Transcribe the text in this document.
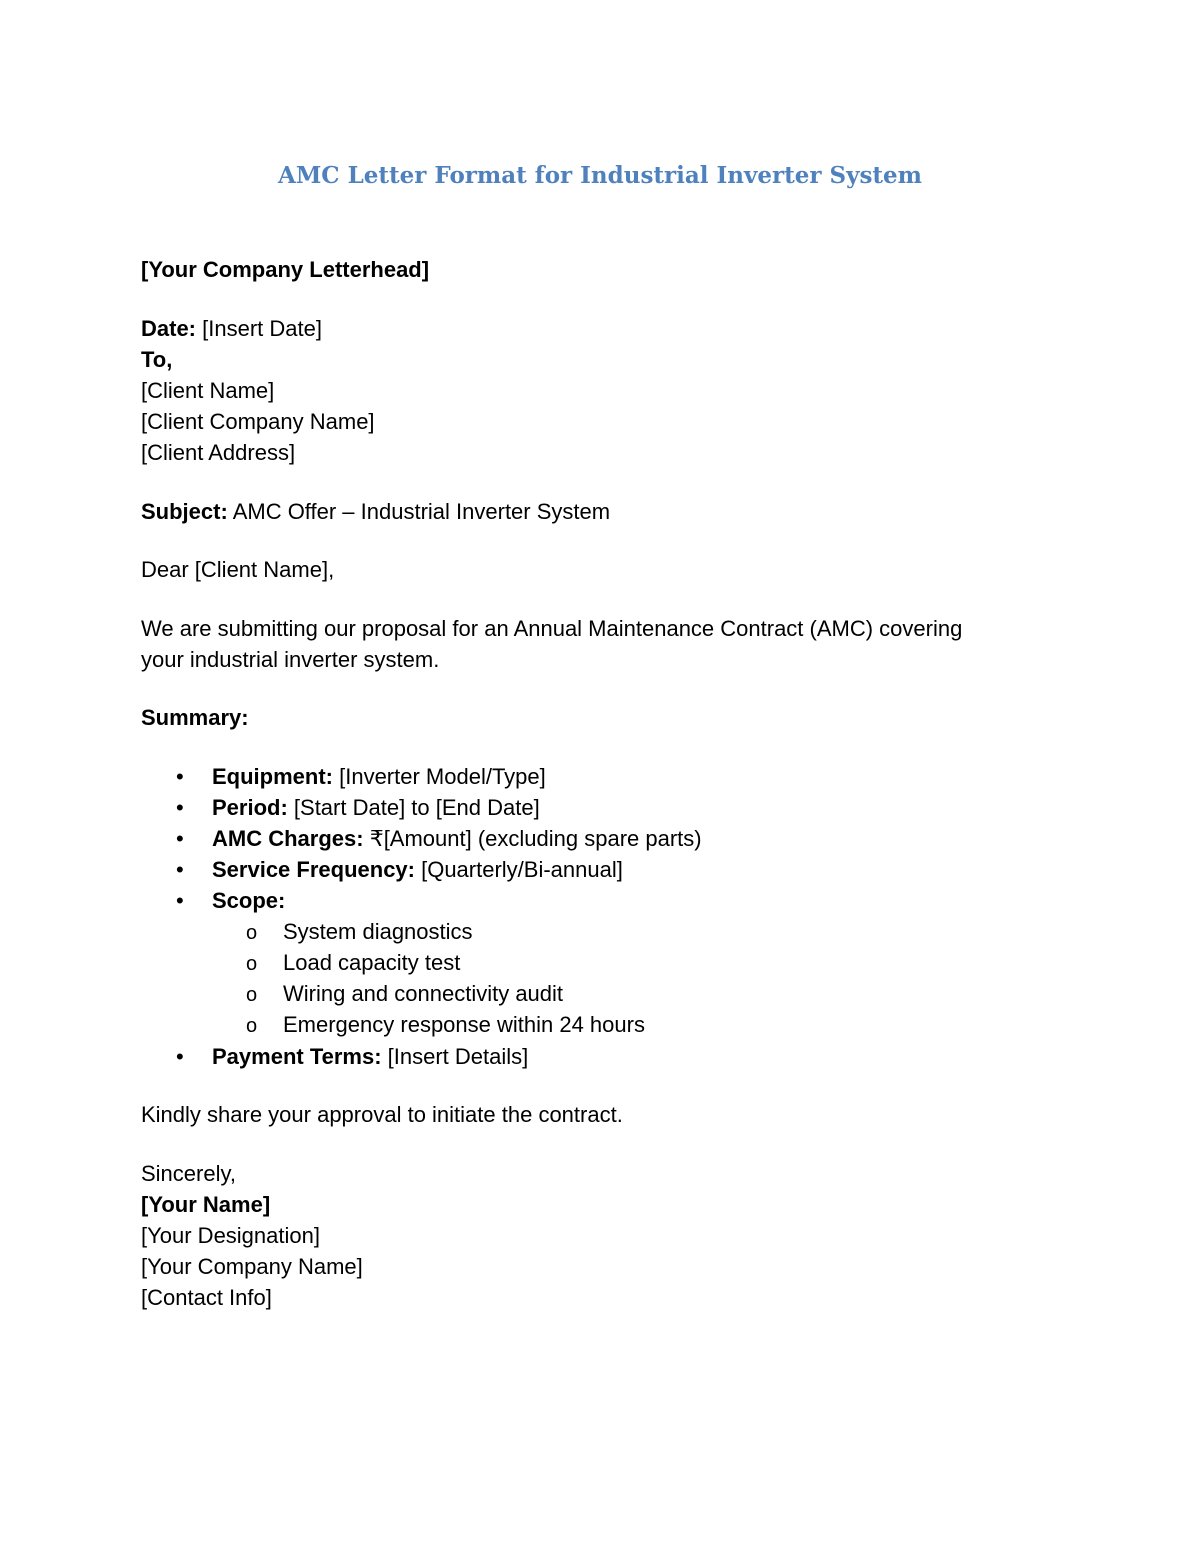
AMC Letter Format for Industrial Inverter System
[Your Company Letterhead]
Date: [Insert Date]
To,
[Client Name]
[Client Company Name]
[Client Address]
Subject: AMC Offer – Industrial Inverter System
Dear [Client Name],
We are submitting our proposal for an Annual Maintenance Contract (AMC) covering
your industrial inverter system.
Summary:
• Equipment: [Inverter Model/Type]
• Period: [Start Date] to [End Date]
• AMC Charges: ₹[Amount] (excluding spare parts)
• Service Frequency: [Quarterly/Bi-annual]
• Scope:
o System diagnostics
o Load capacity test
o Wiring and connectivity audit
o Emergency response within 24 hours
• Payment Terms: [Insert Details]
Kindly share your approval to initiate the contract.
Sincerely,
[Your Name]
[Your Designation]
[Your Company Name]
[Contact Info]
